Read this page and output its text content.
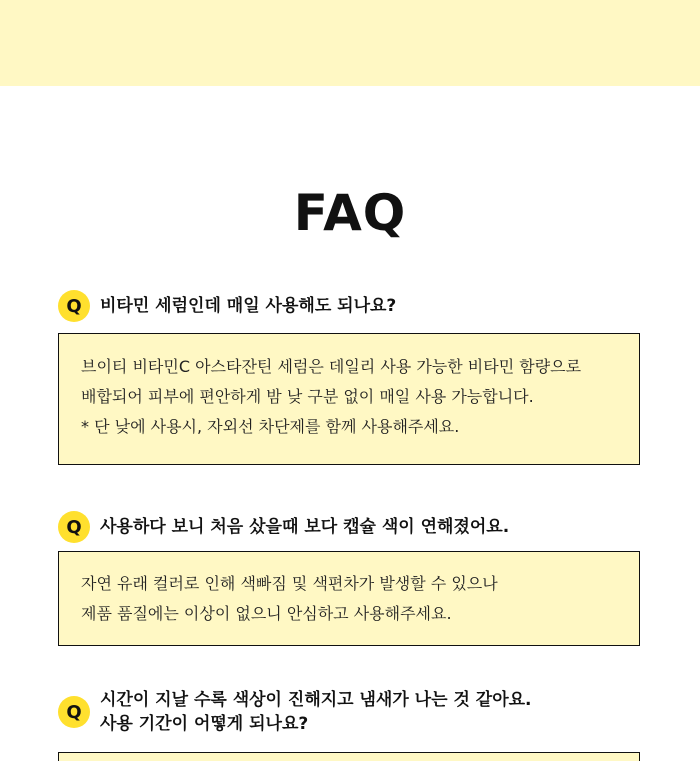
FAQ
Q	비타민 세럼인데 매일 사용해도 되나요?
브이티 비타민C 아스타잔틴 세럼은 데일리 사용 가능한 비타민 함량으로
배합되어 피부에 편안하게 밤 낮 구분 없이 매일 사용 가능합니다.
* 단 낮에 사용시, 자외선 차단제를 함께 사용해주세요.
Q	사용하다 보니 처음 샀을때 보다 캡슐 색이 연해졌어요.
자연 유래 컬러로 인해 색빠짐 및 색편차가 발생할 수 있으나
제품 품질에는 이상이 없으니 안심하고 사용해주세요.
Q
시간이 지날 수록 색상이 진해지고 냄새가 나는 것 같아요.
사용 기간이 어떻게 되나요?
